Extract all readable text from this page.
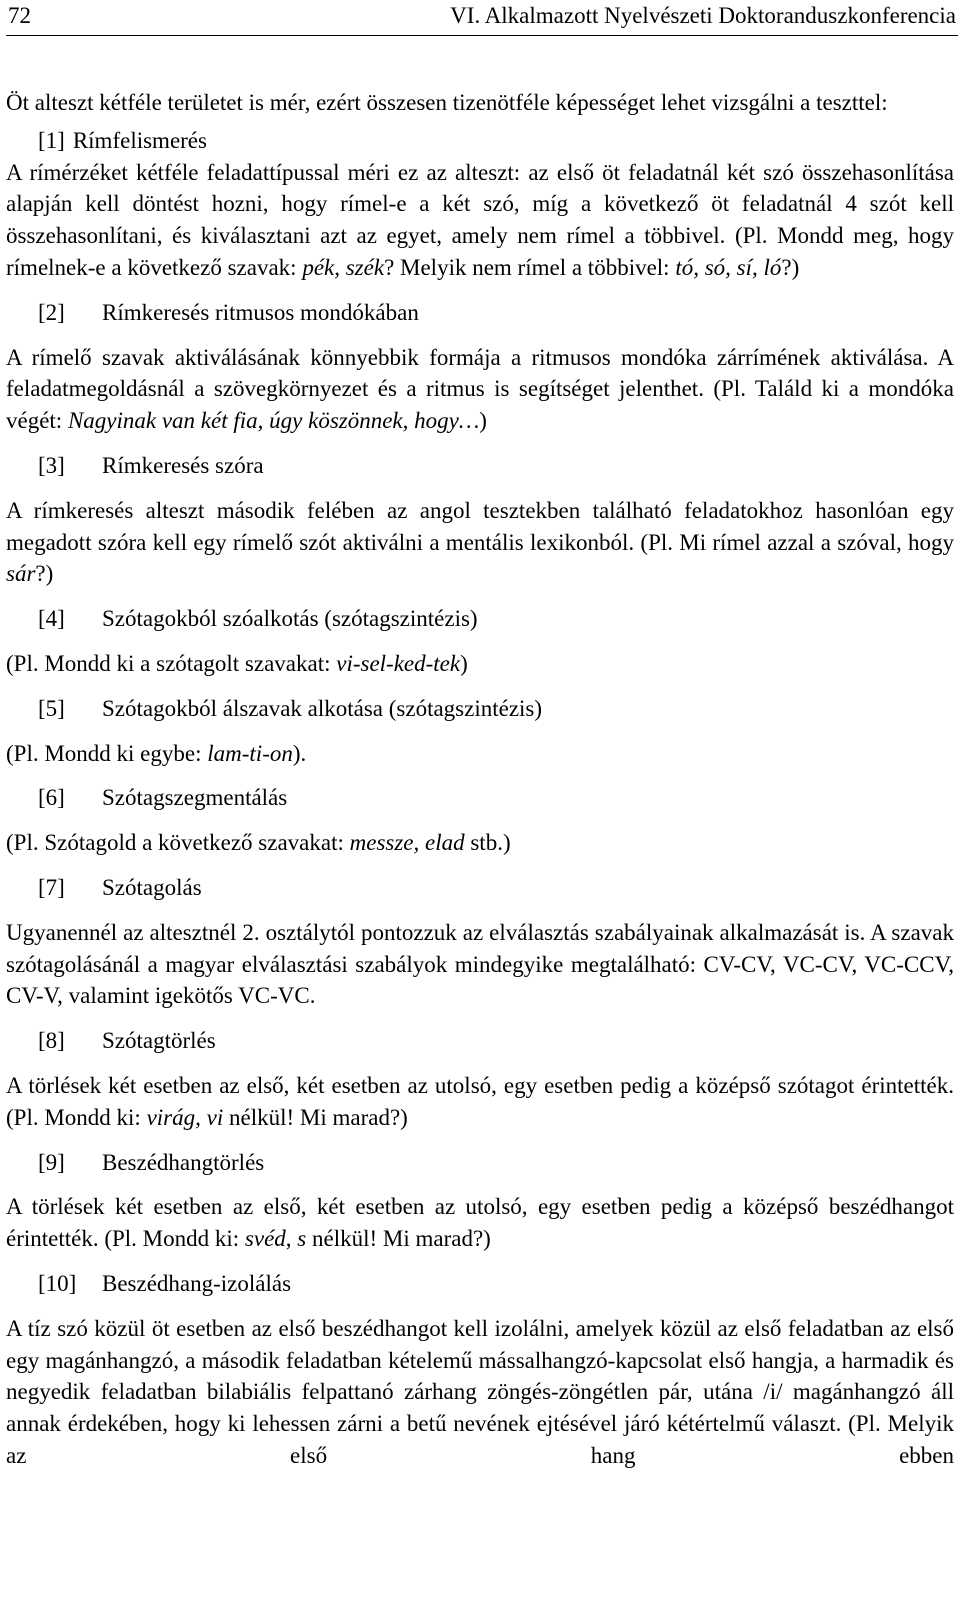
72	VI. Alkalmazott Nyelvészeti Doktoranduszkonferencia

Öt alteszt kétféle területet is mér, ezért összesen tizenötféle képességet lehet vizsgálni a teszttel:

[1] Rímfelismerés

A rímérzéket kétféle feladattípussal méri ez az alteszt: az első öt feladatnál két szó összehasonlítása alapján kell döntést hozni, hogy rímel-e a két szó, míg a következő öt feladatnál 4 szót kell összehasonlítani, és kiválasztani azt az egyet, amely nem rímel a többivel. (Pl. Mondd meg, hogy rímelnek-e a következő szavak: pék, szék? Melyik nem rímel a többivel: tó, só, sí, ló?)

[2]	Rímkeresés ritmusos mondókában

A rímelő szavak aktiválásának könnyebbik formája a ritmusos mondóka zárrímének aktiválása. A feladatmegoldásnál a szövegkörnyezet és a ritmus is segítséget jelenthet. (Pl. Találd ki a mondóka végét: Nagyinak van két fia, úgy köszönnek, hogy…)

[3]	Rímkeresés szóra

A rímkeresés alteszt második felében az angol tesztekben található feladatokhoz hasonlóan egy megadott szóra kell egy rímelő szót aktiválni a mentális lexikonból. (Pl. Mi rímel azzal a szóval, hogy sár?)

[4]	Szótagokból szóalkotás (szótagszintézis)

(Pl. Mondd ki a szótagolt szavakat: vi-sel-ked-tek)

[5]	Szótagokból álszavak alkotása (szótagszintézis)

(Pl. Mondd ki egybe: lam-ti-on).

[6]	Szótagszegmentálás

(Pl. Szótagold a következő szavakat: messze, elad stb.)

[7]	Szótagolás

Ugyanennél az altesztnél 2. osztálytól pontozzuk az elválasztás szabályainak alkalmazását is. A szavak szótagolásánál a magyar elválasztási szabályok mindegyike megtalálható: CV-CV, VC-CV, VC-CCV, CV-V, valamint igekötős VC-VC.

[8]	Szótagtörlés

A törlések két esetben az első, két esetben az utolsó, egy esetben pedig a középső szótagot érintették. (Pl. Mondd ki: virág, vi nélkül! Mi marad?)

[9]	Beszédhangtörlés

A törlések két esetben az első, két esetben az utolsó, egy esetben pedig a középső beszédhangot érintették. (Pl. Mondd ki: svéd, s nélkül! Mi marad?)

[10]	Beszédhang-izolálás

A tíz szó közül öt esetben az első beszédhangot kell izolálni, amelyek közül az első feladatban az első egy magánhangzó, a második feladatban kételemű mássalhangzó-kapcsolat első hangja, a harmadik és negyedik feladatban bilabiális felpattanó zárhang zöngés-zöngétlen pár, utána /i/ magánhangzó áll annak érdekében, hogy ki lehessen zárni a betű nevének ejtésével járó kétértelmű választ. (Pl. Melyik az első hang ebben
